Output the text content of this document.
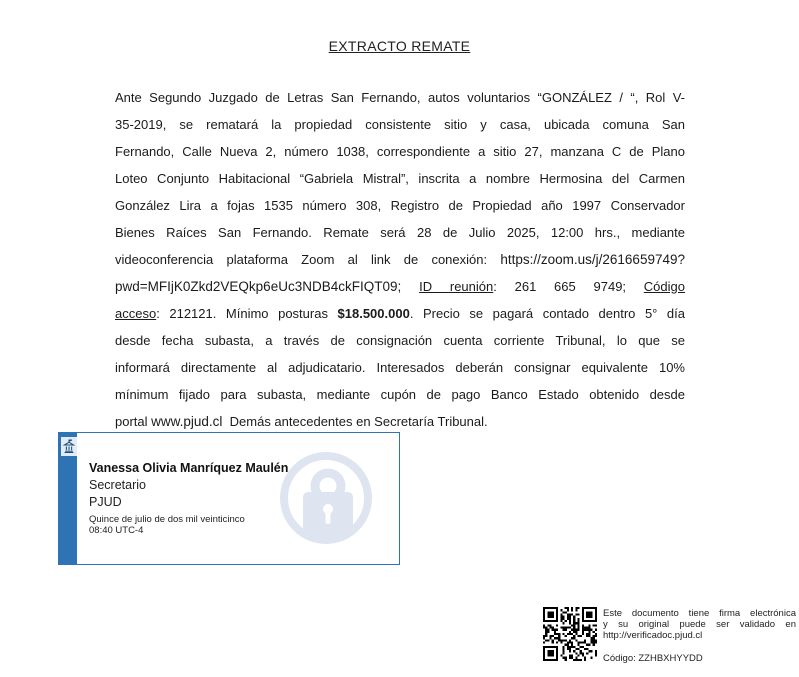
EXTRACTO REMATE
Ante Segundo Juzgado de Letras San Fernando, autos voluntarios “GONZÁLEZ / “, Rol V-
35-2019, se rematará la propiedad consistente sitio y casa, ubicada comuna San
Fernando, Calle Nueva 2, número 1038, correspondiente a sitio 27, manzana C de Plano
Loteo Conjunto Habitacional “Gabriela Mistral”, inscrita a nombre Hermosina del Carmen
González Lira a fojas 1535 número 308, Registro de Propiedad año 1997 Conservador
Bienes Raíces San Fernando. Remate será 28 de Julio 2025, 12:00 hrs., mediante
videoconferencia plataforma Zoom al link de conexión: https://zoom.us/j/2616659749?
pwd=MFIjK0Zkd2VEQkp6eUc3NDB4ckFIQT09; ID reunión: 261 665 9749; Código
acceso: 212121. Mínimo posturas $18.500.000. Precio se pagará contado dentro 5° día
desde fecha subasta, a través de consignación cuenta corriente Tribunal, lo que se
informará directamente al adjudicatario. Interesados deberán consignar equivalente 10%
mínimum fijado para subasta, mediante cupón de pago Banco Estado obtenido desde
portal www.pjud.cl  Demás antecedentes en Secretaría Tribunal.
Vanessa Olivia Manríquez Maulén
Secretario
PJUD
Quince de julio de dos mil veinticinco
08:40 UTC-4
Este documento tiene firma electrónica
y su original puede ser validado en
http://verificadoc.pjud.cl
Código: ZZHBXHYYDD
